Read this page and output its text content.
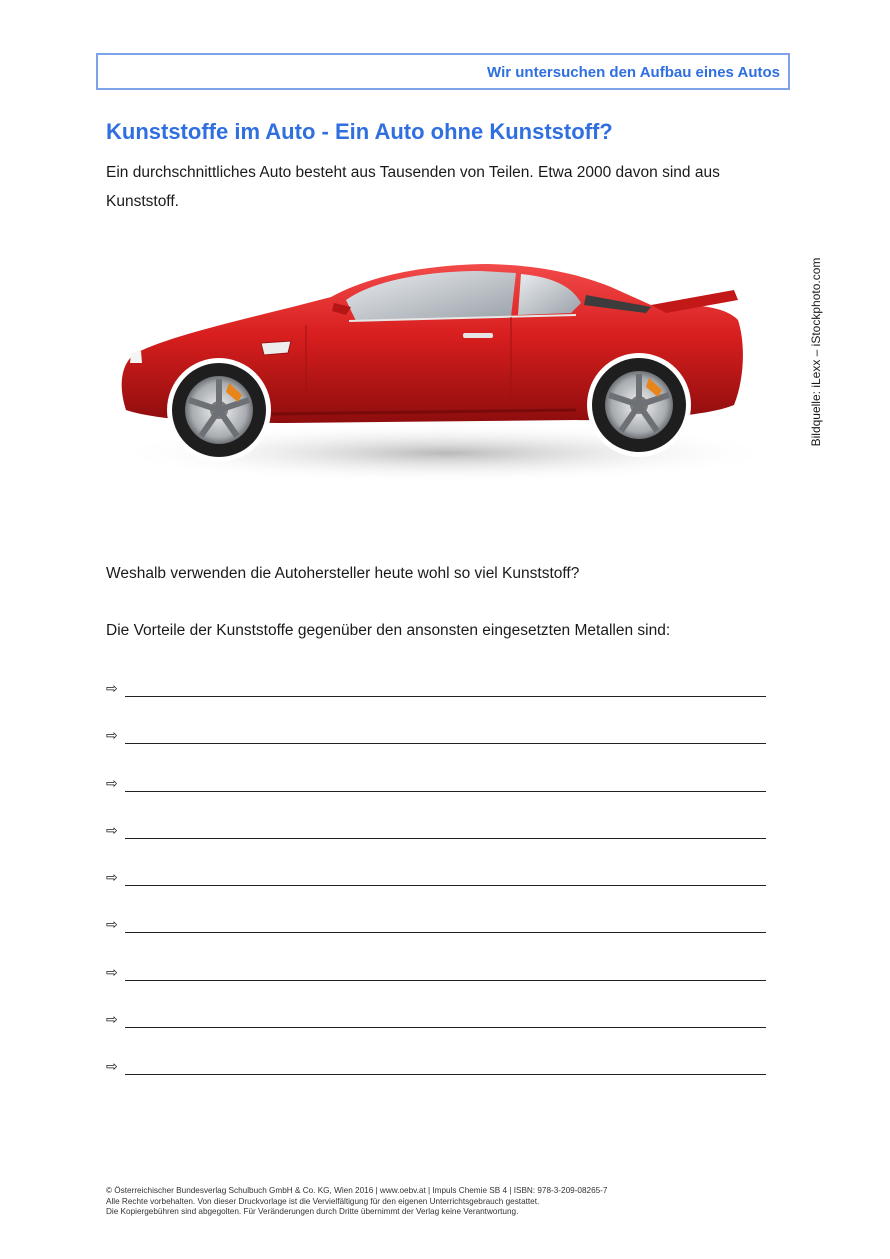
Wir untersuchen den Aufbau eines Autos
Kunststoffe im Auto - Ein Auto ohne Kunststoff?

Ein durchschnittliches Auto besteht aus Tausenden von Teilen. Etwa 2000 davon sind aus Kunststoff.

Bildquelle: iLexx – iStockphoto.com

Weshalb verwenden die Autohersteller heute wohl so viel Kunststoff?

Die Vorteile der Kunststoffe gegenüber den ansonsten eingesetzten Metallen sind:

⇨
⇨
⇨
⇨
⇨
⇨
⇨
⇨
⇨
© Österreichischer Bundesverlag Schulbuch GmbH & Co. KG, Wien 2016 | www.oebv.at | Impuls Chemie SB 4 | ISBN: 978-3-209-08265-7
Alle Rechte vorbehalten. Von dieser Druckvorlage ist die Vervielfältigung für den eigenen Unterrichtsgebrauch gestattet.
Die Kopiergebühren sind abgegolten. Für Veränderungen durch Dritte übernimmt der Verlag keine Verantwortung.
